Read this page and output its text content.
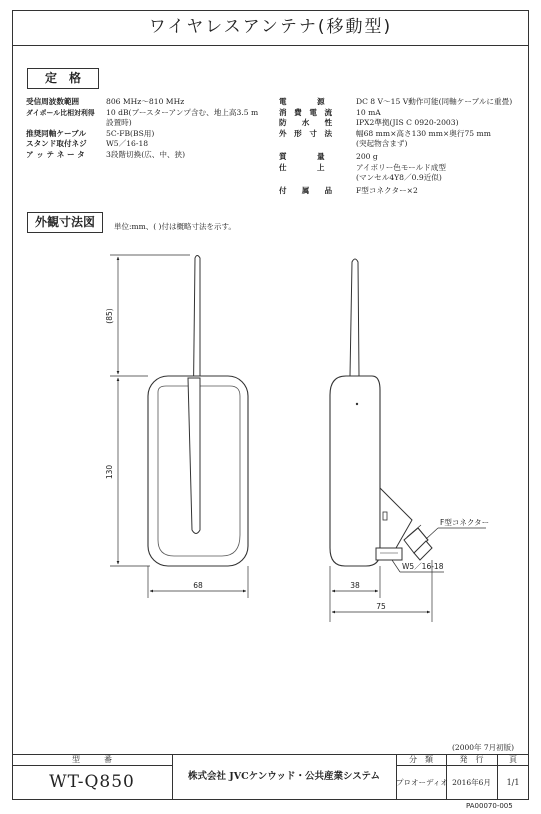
ワイヤレスアンテナ(移動型)
定　格
受信周波数範囲	806 MHz～810 MHz
ダイポール比相対利得 10 dB(ブースターアンプ含む、地上高3.5 m
設置時)
推奨同軸ケーブル	5C-FB(BS用)
スタンド取付ネジ	W5／16-18
ア ッ テ ネ ー タ	3段階切換(広、中、狭)
電　　　　源	DC 8 V～15 V動作可能(同軸ケーブルに重畳)
消　費　電　流	10 mA
防　　水　　性	IPX2準拠(JIS C 0920-2003)
外　形　寸　法	幅68 mm×高さ130 mm×奥行75 mm
(突起物含まず)
質　　　　量	200 g
仕　　　　上	アイボリー色モールド成型
(マンセル4Y8／0.9近似)
付　　属　　品	F型コネクター×2
外観寸法図	単位:mm、( )付は概略寸法を示す。
(85)
130
68	38
75
F型コネクター
W5／16-18
(2000年 7月初版)
型　　　番
WT-Q850	株式会社 JVCケンウッド・公共産業システム
分　類
プロオーディオ
発　行
2016年6月
頁
1/1
PA00070-005
